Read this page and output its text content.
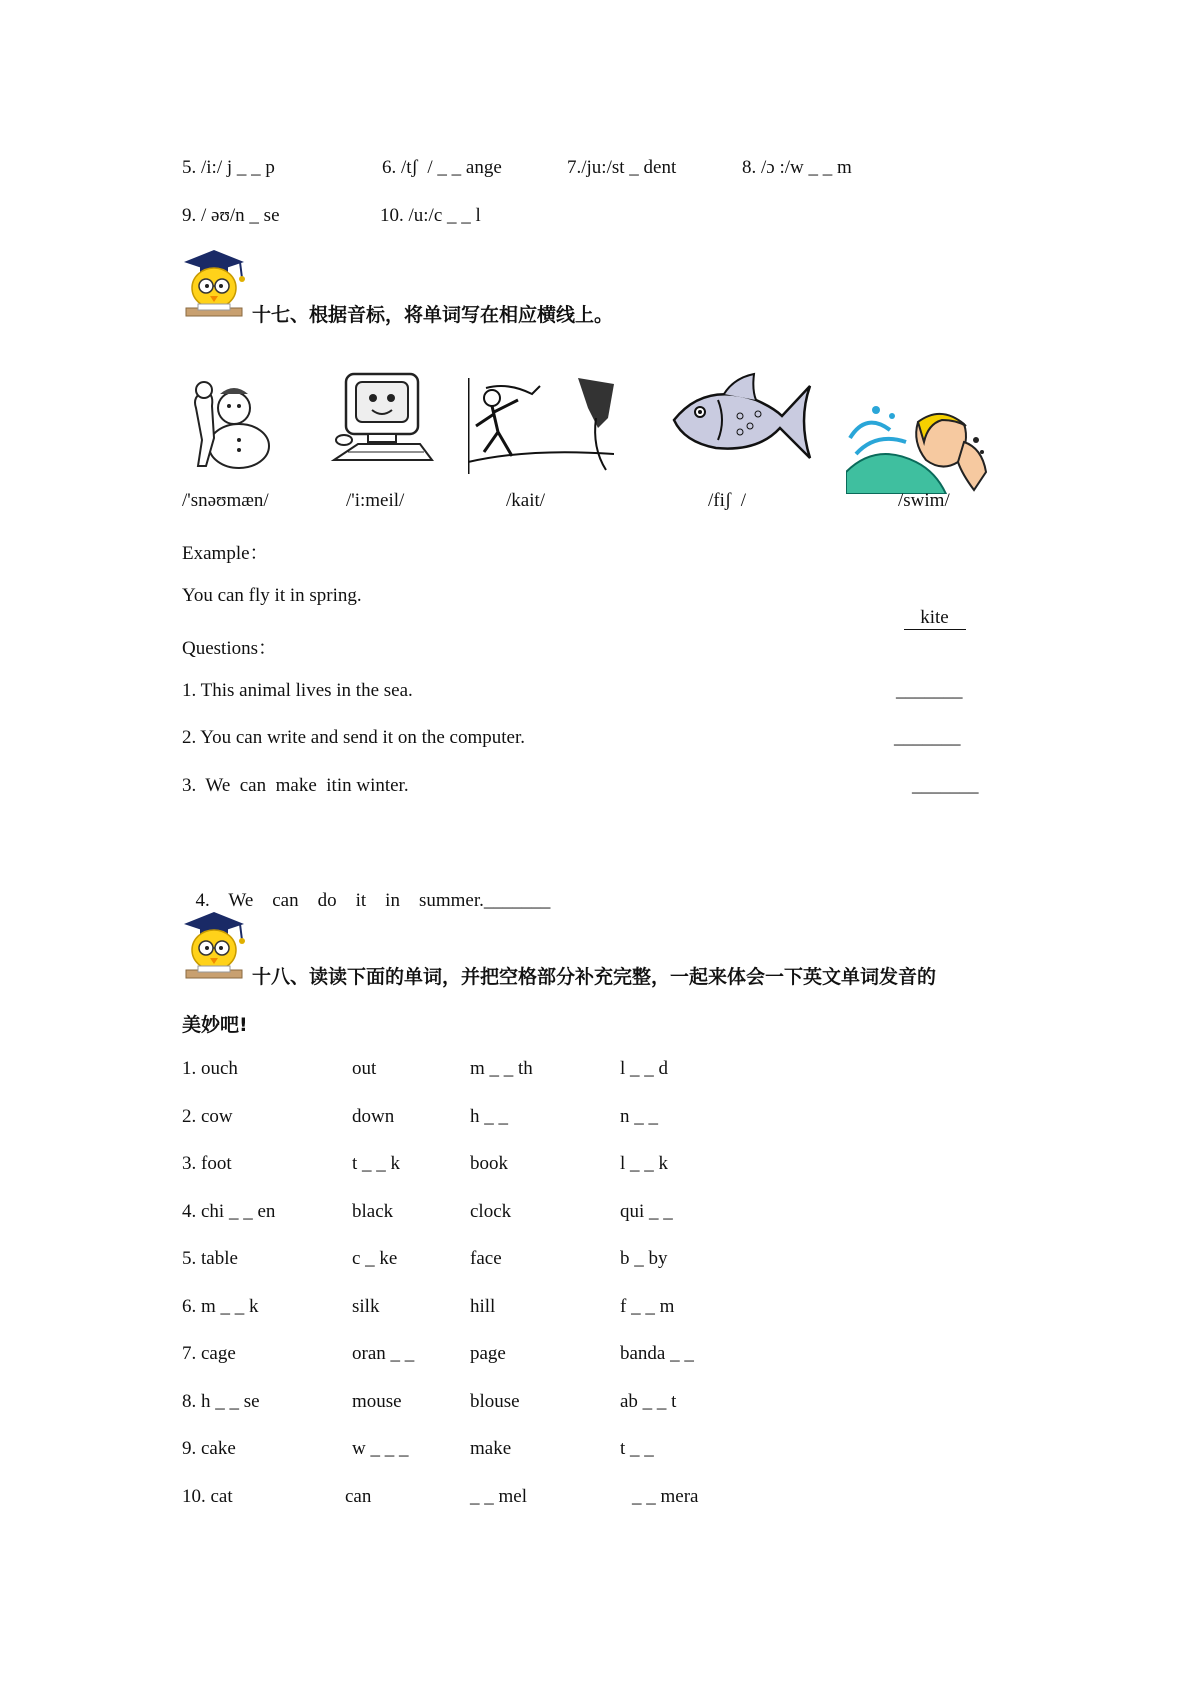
5. /i:/ j _ _ p	6. /tʃ  / _ _ ange	7./ju:/st _ dent	8. /ɔ :/w _ _ m
9. / əʊ/n _ se	10. /u:/c _ _ l
十七、根据音标，将单词写在相应横线上。
/'snəʊmæn/	/'i:meil/	/kait/	/fiʃ  /	/swim/
Example：
You can fly it in spring.

kite

Questions：
1. This animal lives in the sea.	_______
2. You can write and send it on the computer.	_______
3.  We  can  make  itin winter.	_______

4.    We    can    do    it    in    summer._______

十八、读读下面的单词，并把空格部分补充完整，一起来体会一下英文单词发音的
美妙吧!
1. ouch	out	m _ _ th	l _ _ d
2. cow	down	h _ _	n _ _
3. foot	t _ _ k	book	l _ _ k
4. chi _ _ en	black	clock	qui _ _
5. table	c _ ke	face	b _ by
6. m _ _ k	silk	hill	f _ _ m
7. cage	oran _ _	page	banda _ _
8. h _ _ se	mouse	blouse	ab _ _ t
9. cake	w _ _ _	make	t _ _
10. cat	can	_ _ mel	_ _ mera
